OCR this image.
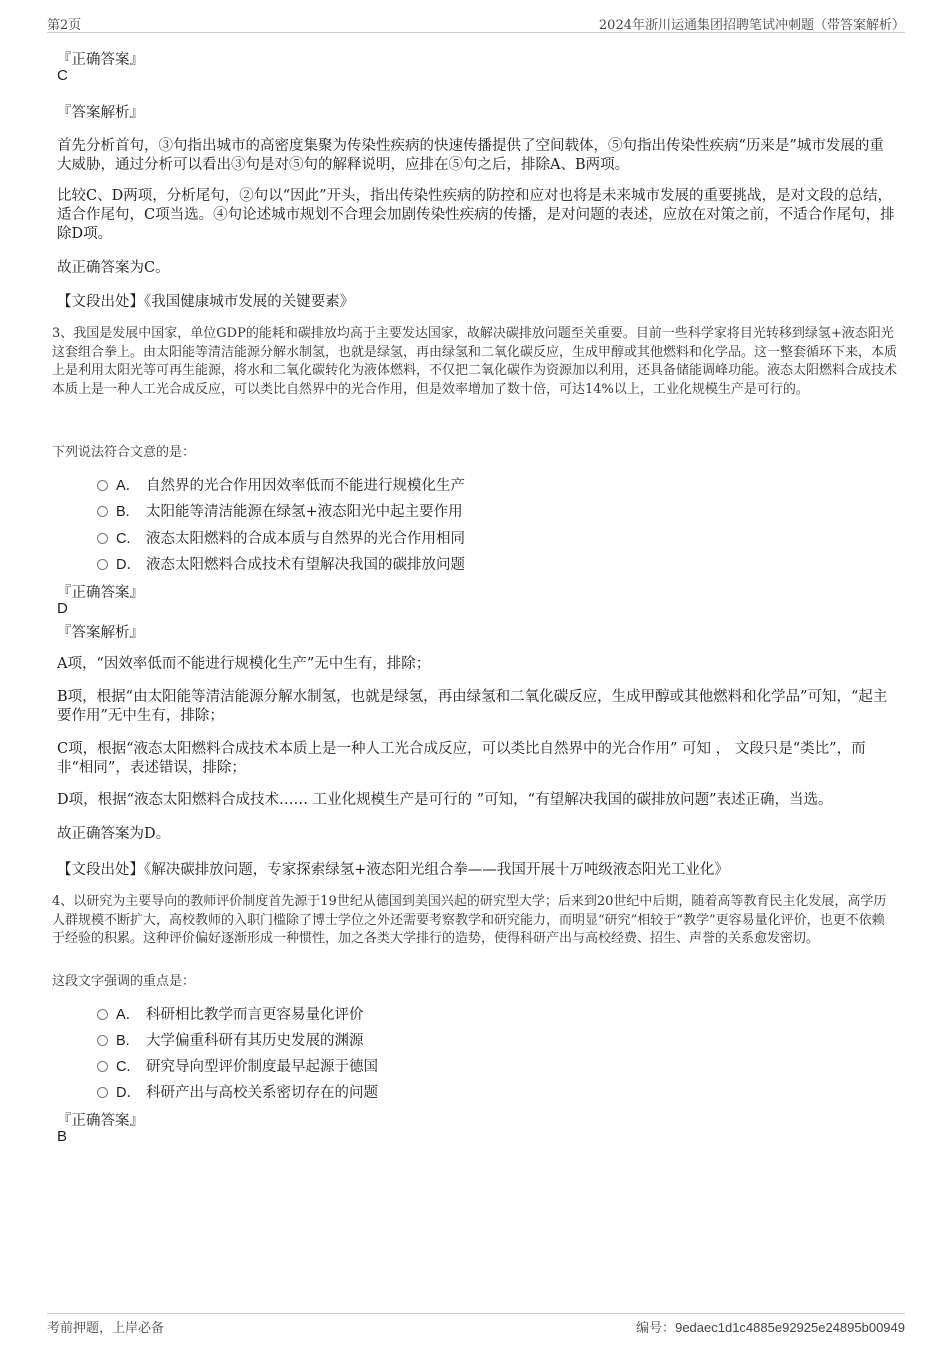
第2页	2024年浙川运通集团招聘笔试冲刺题（带答案解析）
『正确答案』
C
『答案解析』
首先分析首句，③句指出城市的高密度集聚为传染性疾病的快速传播提供了空间载体，⑤句指出传染性疾病“历来是”城市发展的重大威胁，通过分析可以看出③句是对⑤句的解释说明，应排在⑤句之后，排除A、B两项。
比较C、D两项，分析尾句，②句以“因此”开头，指出传染性疾病的防控和应对也将是未来城市发展的重要挑战，是对文段的总结，适合作尾句，C项当选。④句论述城市规划不合理会加剧传染性疾病的传播，是对问题的表述，应放在对策之前，不适合作尾句，排除D项。
故正确答案为C。
【文段出处】《我国健康城市发展的关键要素》
3、我国是发展中国家，单位GDP的能耗和碳排放均高于主要发达国家，故解决碳排放问题至关重要。目前一些科学家将目光转移到绿氢+液态阳光这套组合拳上。由太阳能等清洁能源分解水制氢，也就是绿氢，再由绿氢和二氧化碳反应，生成甲醇或其他燃料和化学品。这一整套循环下来，本质上是利用太阳光等可再生能源，将水和二氧化碳转化为液体燃料，不仅把二氧化碳作为资源加以利用，还具备储能调峰功能。液态太阳燃料合成技术本质上是一种人工光合成反应，可以类比自然界中的光合作用，但是效率增加了数十倍，可达14%以上，工业化规模生产是可行的。
下列说法符合文意的是：
A． 自然界的光合作用因效率低而不能进行规模化生产
B. 太阳能等清洁能源在绿氢+液态阳光中起主要作用
C. 液态太阳燃料的合成本质与自然界的光合作用相同
D． 液态太阳燃料合成技术有望解决我国的碳排放问题
『正确答案』
D
『答案解析』
A项，“因效率低而不能进行规模化生产”无中生有，排除；
B项，根据“由太阳能等清洁能源分解水制氢，也就是绿氢，再由绿氢和二氧化碳反应，生成甲醇或其他燃料和化学品”可知，“起主要作用”无中生有，排除；
C项，根据“液态太阳燃料合成技术本质上是一种人工光合成反应，可以类比自然界中的光合作用” 可知 ， 文段只是“类比”，而非“相同”，表述错误，排除；
D项，根据“液态太阳燃料合成技术…… 工业化规模生产是可行的 ”可知，“有望解决我国的碳排放问题”表述正确，当选。
故正确答案为D。
【文段出处】《解决碳排放问题，专家探索绿氢+液态阳光组合拳——我国开展十万吨级液态阳光工业化》
4、以研究为主要导向的教师评价制度首先源于19世纪从德国到美国兴起的研究型大学；后来到20世纪中后期，随着高等教育民主化发展，高学历人群规模不断扩大，高校教师的入职门槛除了博士学位之外还需要考察教学和研究能力，而明显“研究”相较于“教学”更容易量化评价，也更不依赖于经验的积累。这种评价偏好逐渐形成一种惯性，加之各类大学排行的造势，使得科研产出与高校经费、招生、声誉的关系愈发密切。
这段文字强调的重点是：
A． 科研相比教学而言更容易量化评价
B. 大学偏重科研有其历史发展的渊源
C. 研究导向型评价制度最早起源于德国
D． 科研产出与高校关系密切存在的问题
『正确答案』
B
考前押题，上岸必备	编号：9edaec1d1c4885e92925e24895b00949
